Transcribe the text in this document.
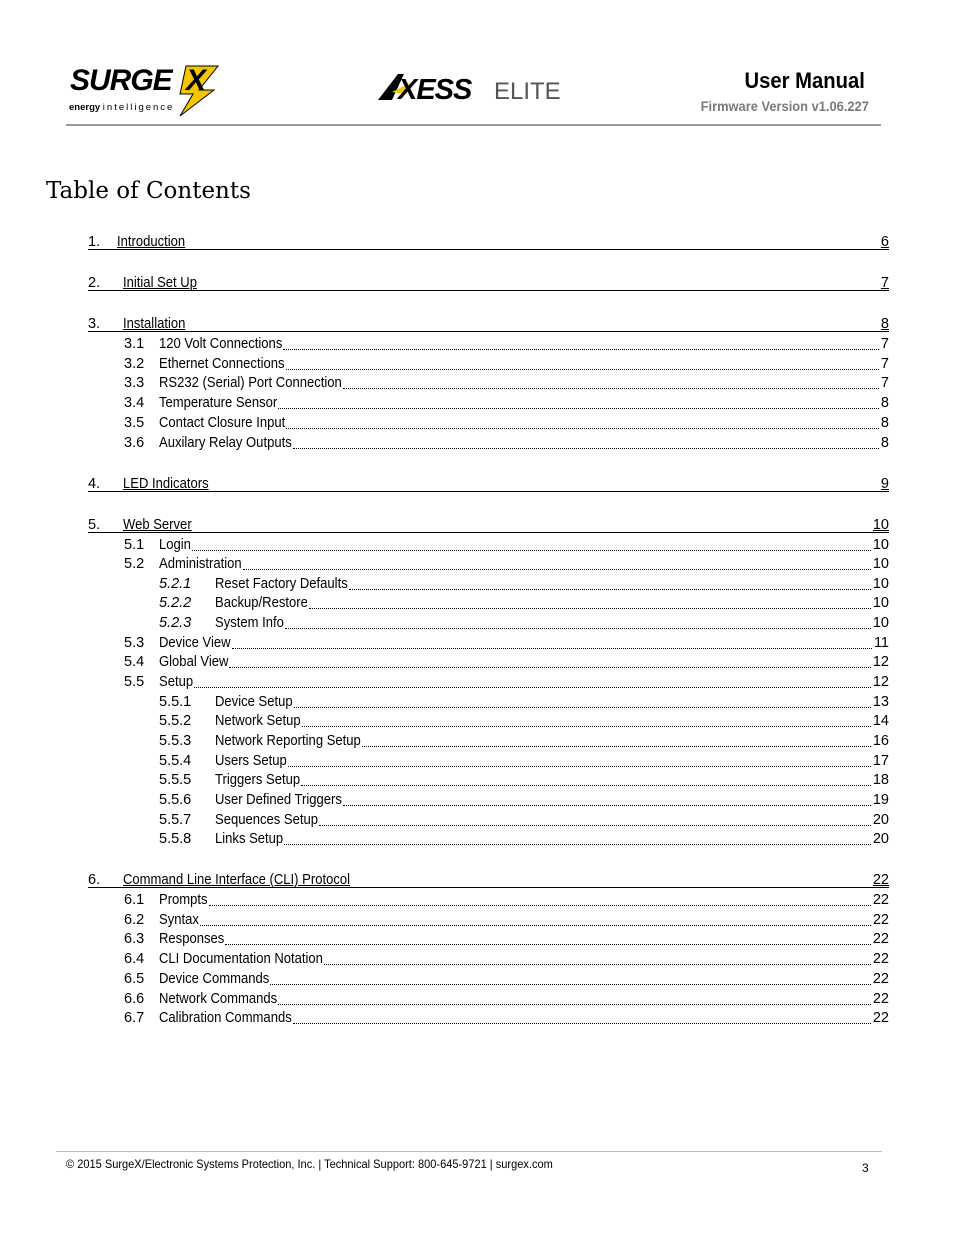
SURGE X
energy intelligence
XESS ELITE	User Manual
Firmware Version v1.06.227
Table of Contents
1. Introduction	6
2. Initial Set Up	7
3. Installation	8
3.1 120 Volt Connections	7
3.2 Ethernet Connections	7
3.3 RS232 (Serial) Port Connection	7
3.4 Temperature Sensor	8
3.5 Contact Closure Input	8
3.6 Auxilary Relay Outputs	8
4. LED Indicators	9
5. Web Server	10
5.1 Login	10
5.2 Administration	10
5.2.1 Reset Factory Defaults	10
5.2.2 Backup/Restore	10
5.2.3 System Info	10
5.3 Device View	11
5.4 Global View	12
5.5 Setup	12
5.5.1 Device Setup	13
5.5.2 Network Setup	14
5.5.3 Network Reporting Setup	16
5.5.4 Users Setup	17
5.5.5 Triggers Setup	18
5.5.6 User Defined Triggers	19
5.5.7 Sequences Setup	20
5.5.8 Links Setup	20
6. Command Line Interface (CLI) Protocol	22
6.1 Prompts	22
6.2 Syntax	22
6.3 Responses	22
6.4 CLI Documentation Notation	22
6.5 Device Commands	22
6.6 Network Commands	22
6.7 Calibration Commands	22
© 2015 SurgeX/Electronic Systems Protection, Inc. | Technical Support: 800-645-9721 | surgex.com	3
